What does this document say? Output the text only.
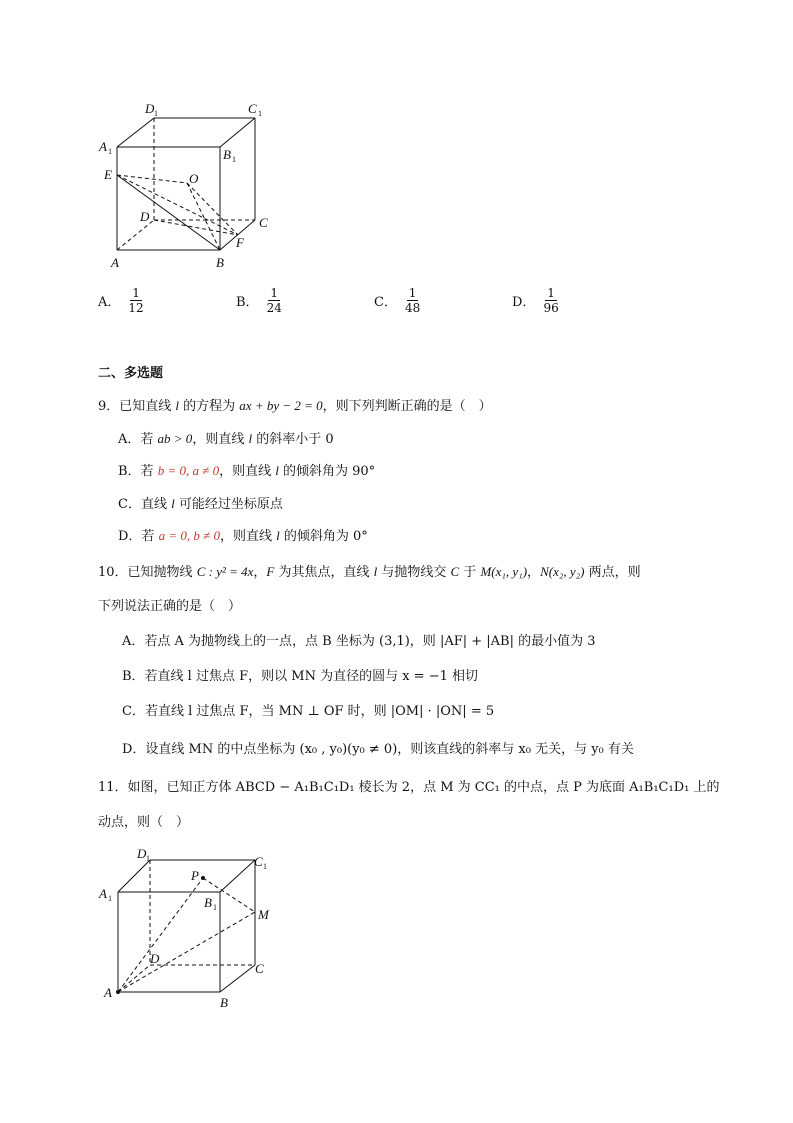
D 1	C 1
A 1	B 1
E	O
D	C
F
A	B
A． $\frac{1}{12}$	B． $\frac{1}{24}$	C． $\frac{1}{48}$	D． $\frac{1}{96}$
二、多选题
9．已知直线 l 的方程为 ax + by − 2 = 0，则下列判断正确的是（　）
A．若 ab > 0，则直线 l 的斜率小于 0
B．若 b = 0, a ≠ 0，则直线 l 的倾斜角为 90°
C．直线 l 可能经过坐标原点
D．若 a = 0, b ≠ 0，则直线 l 的倾斜角为 0°
10．已知抛物线 C : y² = 4x，F 为其焦点，直线 l 与抛物线交 C 于 M(x₁, y₁)，N(x₂, y₂) 两点，则
下列说法正确的是（　）
A．若点 A 为抛物线上的一点，点 B 坐标为 (3,1)，则 |AF| + |AB| 的最小值为 3
B．若直线 l 过焦点 F，则以 MN 为直径的圆与 x = −1 相切
C．若直线 l 过焦点 F，当 MN ⊥ OF 时，则 |OM| · |ON| = 5
D．设直线 MN 的中点坐标为 (x₀ , y₀)(y₀ ≠ 0)，则该直线的斜率与 x₀ 无关，与 y₀ 有关
11．如图，已知正方体 ABCD − A₁B₁C₁D₁ 棱长为 2，点 M 为 CC₁ 的中点，点 P 为底面 A₁B₁C₁D₁ 上的
动点，则（　）
D 1	C 1
A 1
P
B 1	M
D
C
A
B
